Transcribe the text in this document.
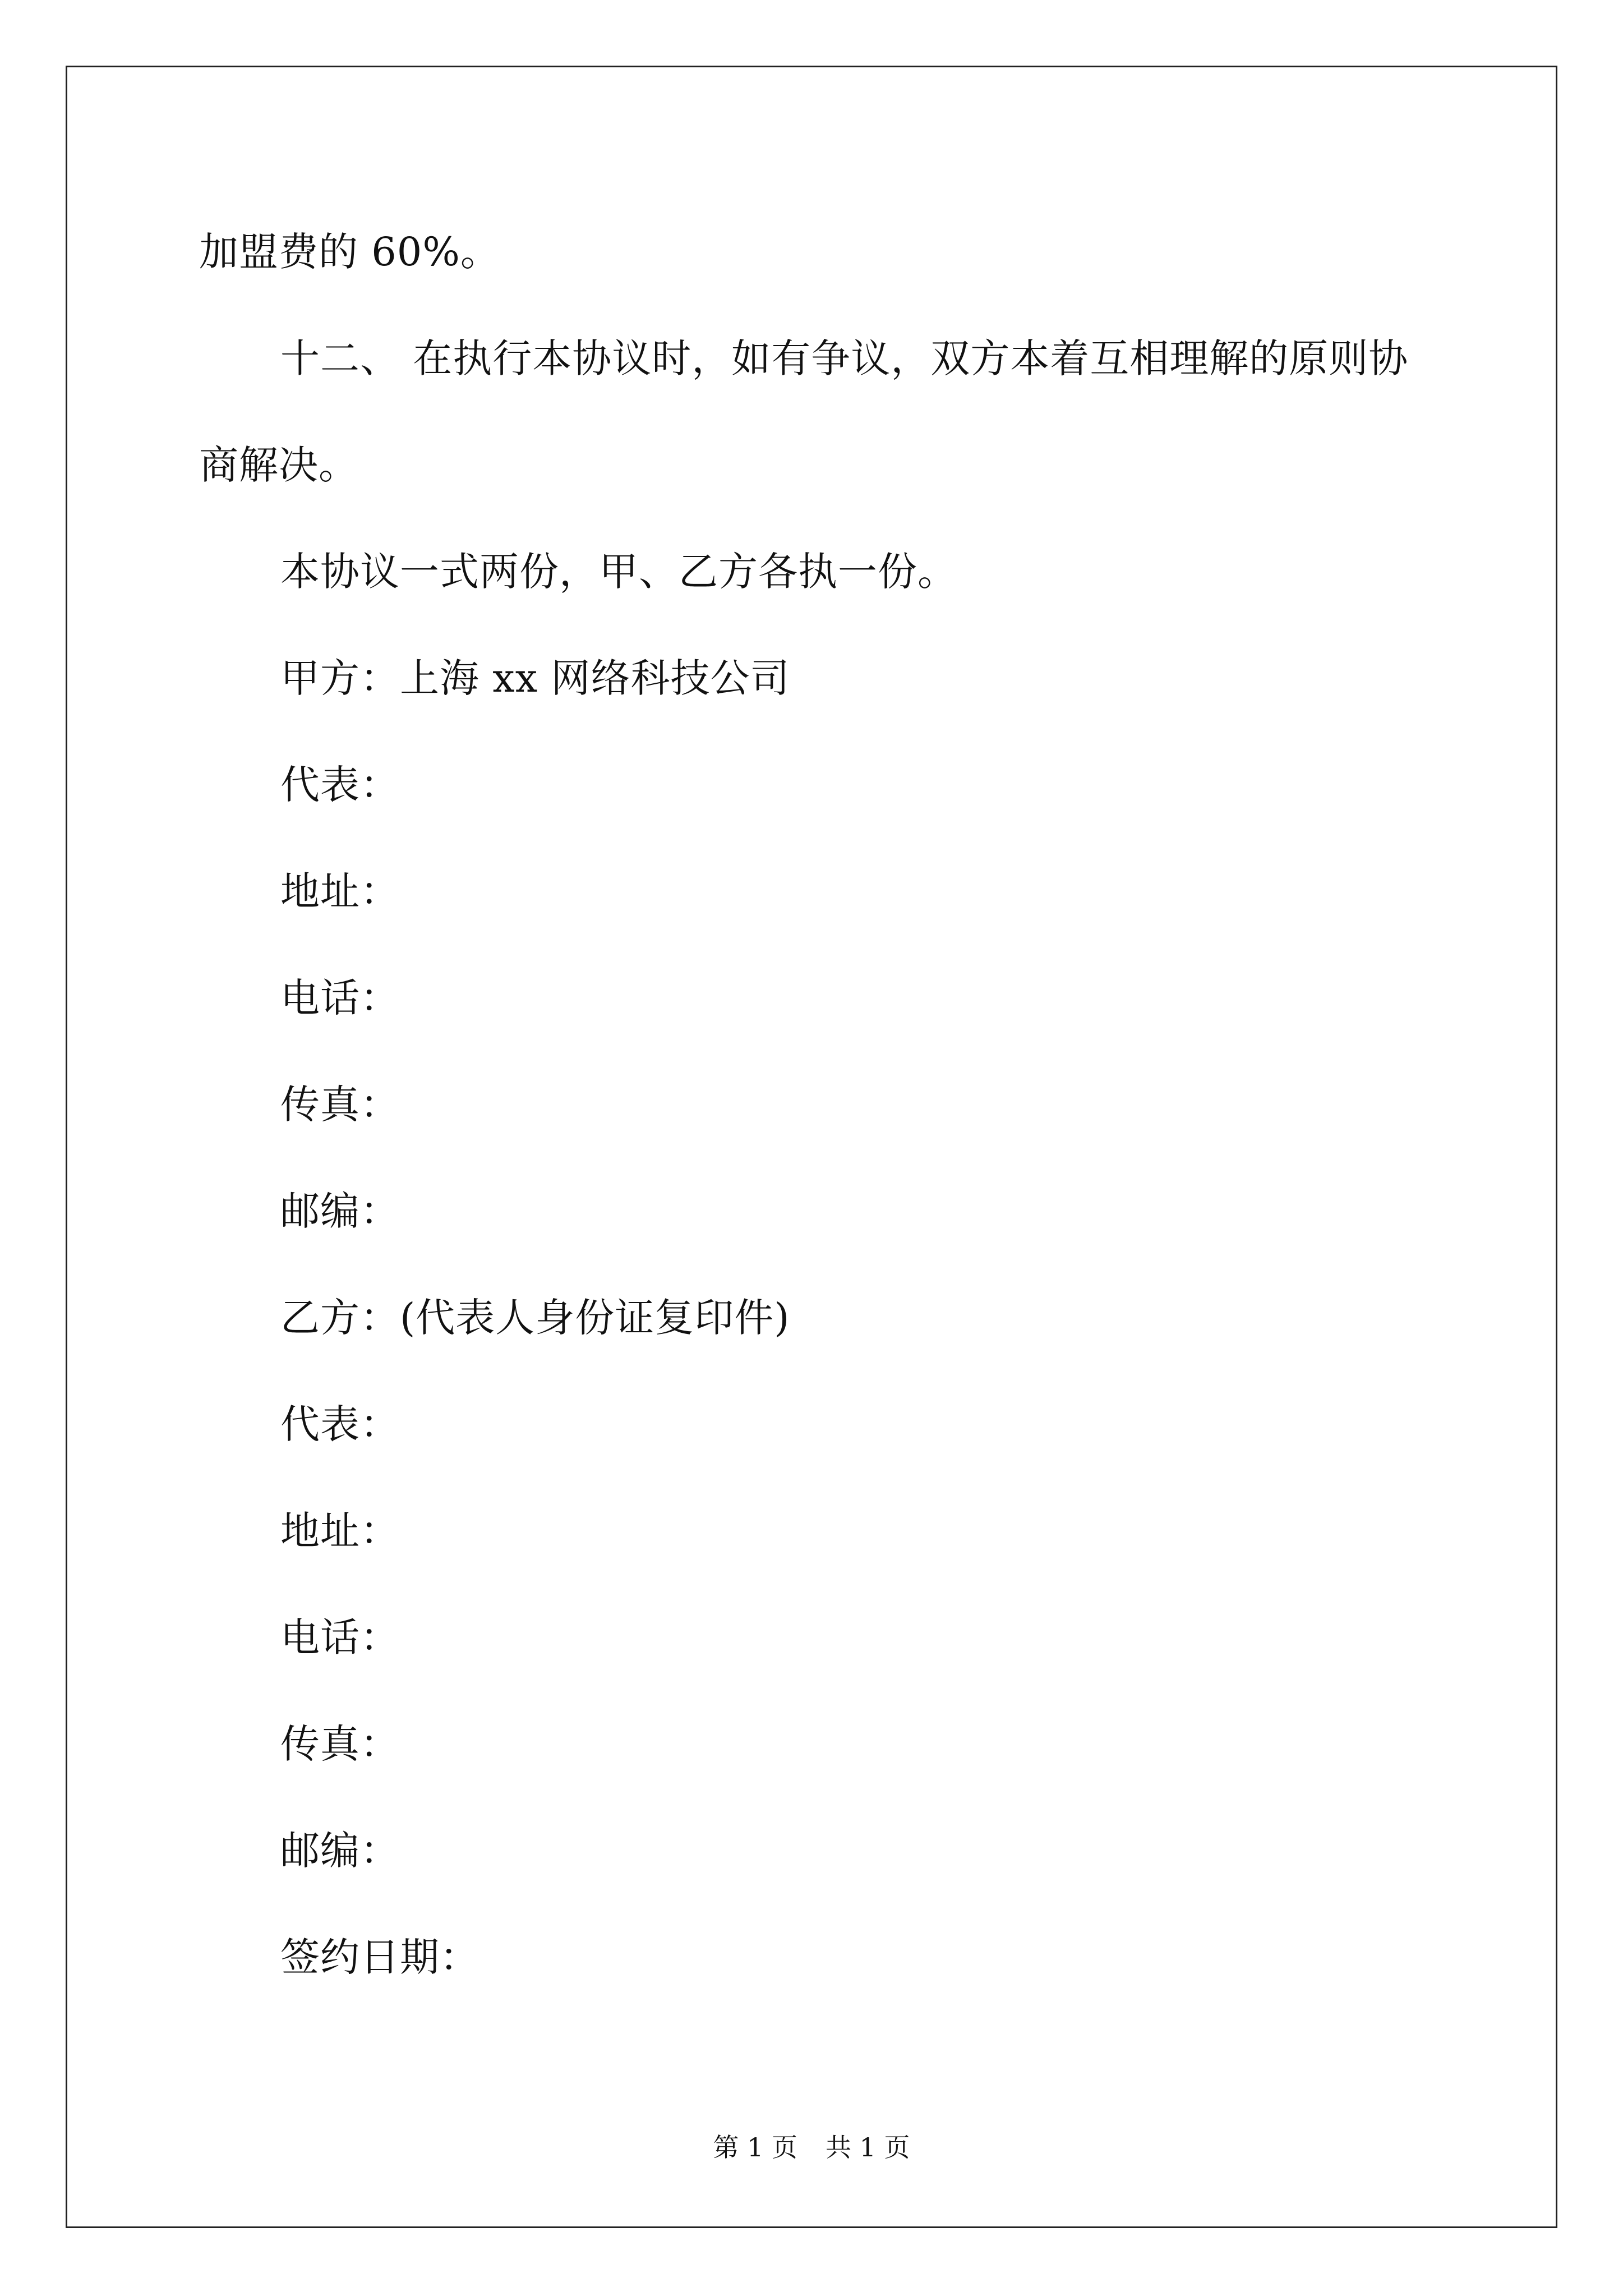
加盟费的 60%。
十二、 在执行本协议时，如有争议，双方本着互相理解的原则协
商解决。
本协议一式两份，甲、乙方各执一份。
甲方：上海 xx 网络科技公司
代表：
地址：
电话：
传真：
邮编：
乙方：(代表人身份证复印件)
代表：
地址：
电话：
传真：
邮编：
签约日期：
第 1 页 共 1 页
